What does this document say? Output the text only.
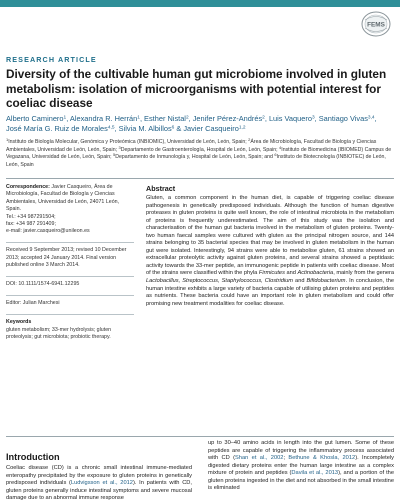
FEMS
RESEARCH ARTICLE
Diversity of the cultivable human gut microbiome involved in gluten metabolism: isolation of microorganisms with potential interest for coeliac disease
Alberto Caminero$^1$, Alexandra R. Herrán$^1$, Esther Nistal$^2$, Jenifer Pérez-Andrés$^2$, Luis Vaquero$^3$, Santiago Vivas$^{3,4}$, José María G. Ruiz de Morales$^{4,5}$, Silvia M. Albillos$^6$ & Javier Casqueiro$^{1,2}$
$^1$Instituto de Biología Molecular, Genómica y Proteómica (INBIOMIC), Universidad de León, León, Spain; $^2$Área de Microbiología, Facultad de Biología y Ciencias Ambientales, Universidad de León, León, Spain; $^3$Departamento de Gastroenterología, Hospital de León, León, Spain; $^4$Instituto de Biomedicina (IBIOMED) Campus de Vegazana, Universidad de León, León, Spain; $^5$Departamento de Inmunología y, Hospital de León, León, Spain; and $^6$Instituto de Biotecnología (INBIOTEC) de León, León, Spain
Correspondence: Javier Casqueiro, Área de Microbiología, Facultad de Biología y Ciencias Ambientales, Universidad de León, 24071 León, Spain.
Tel.: +34 987291504;
fax: +34 987 291409;
e-mail: javier.casqueiro@unileon.es
Received 9 September 2013; revised 10 December 2013; accepted 24 January 2014. Final version published online 3 March 2014.
DOI: 10.1111/1574-6941.12295
Editor: Julian Marchesi
Keywords
gluten metabolism; 33-mer hydrolysis; gluten proteolysis; gut microbiota; probiotic therapy.
Abstract

Gluten, a common component in the human diet, is capable of triggering coeliac disease pathogenesis in genetically predisposed individuals. Although the function of human digestive proteases in gluten proteins is quite well known, the role of intestinal microbiota in the metabolism of proteins is frequently underestimated. The aim of this study was the isolation and characterisation of the human gut bacteria involved in the metabolism of gluten proteins. Twenty-two human faecal samples were cultured with gluten as the principal nitrogen source, and 144 strains belonging to 35 bacterial species that may be involved in gluten metabolism in the human gut were isolated. Interestingly, 94 strains were able to metabolise gluten, 61 strains showed an extracellular proteolytic activity against gluten proteins, and several strains showed a peptidasic activity towards the 33-mer peptide, an immunogenic peptide in patients with coeliac disease. Most of the strains were classified within the phyla Firmicutes and Actinobacteria, mainly from the genera Lactobacillus, Streptococcus, Staphylococcus, Clostridium and Bifidobacterium. In conclusion, the human intestine exhibits a large variety of bacteria capable of utilising gluten proteins and peptides as nutrients. These bacteria could have an important role in gluten metabolism and could offer promising new treatment modalities for coeliac disease.

Introduction

Coeliac disease (CD) is a chronic small intestinal immune-mediated enteropathy precipitated by the exposure to gluten proteins in genetically predisposed individuals (Ludvigsson et al., 2012). In patients with CD, gluten proteins generally induce intestinal symptoms and severe mucosal damage due to an abnormal immune response

up to 30–40 amino acids in length into the gut lumen. Some of these peptides are capable of triggering the inflammatory process associated with CD (Shan et al., 2002; Bethune & Khosla, 2012). Incompletely digested dietary proteins enter the human large intestine as a complex mixture of protein and peptides (Davila et al., 2013), and a portion of the gluten proteins ingested in the diet and not absorbed in the small intestine is eliminated
